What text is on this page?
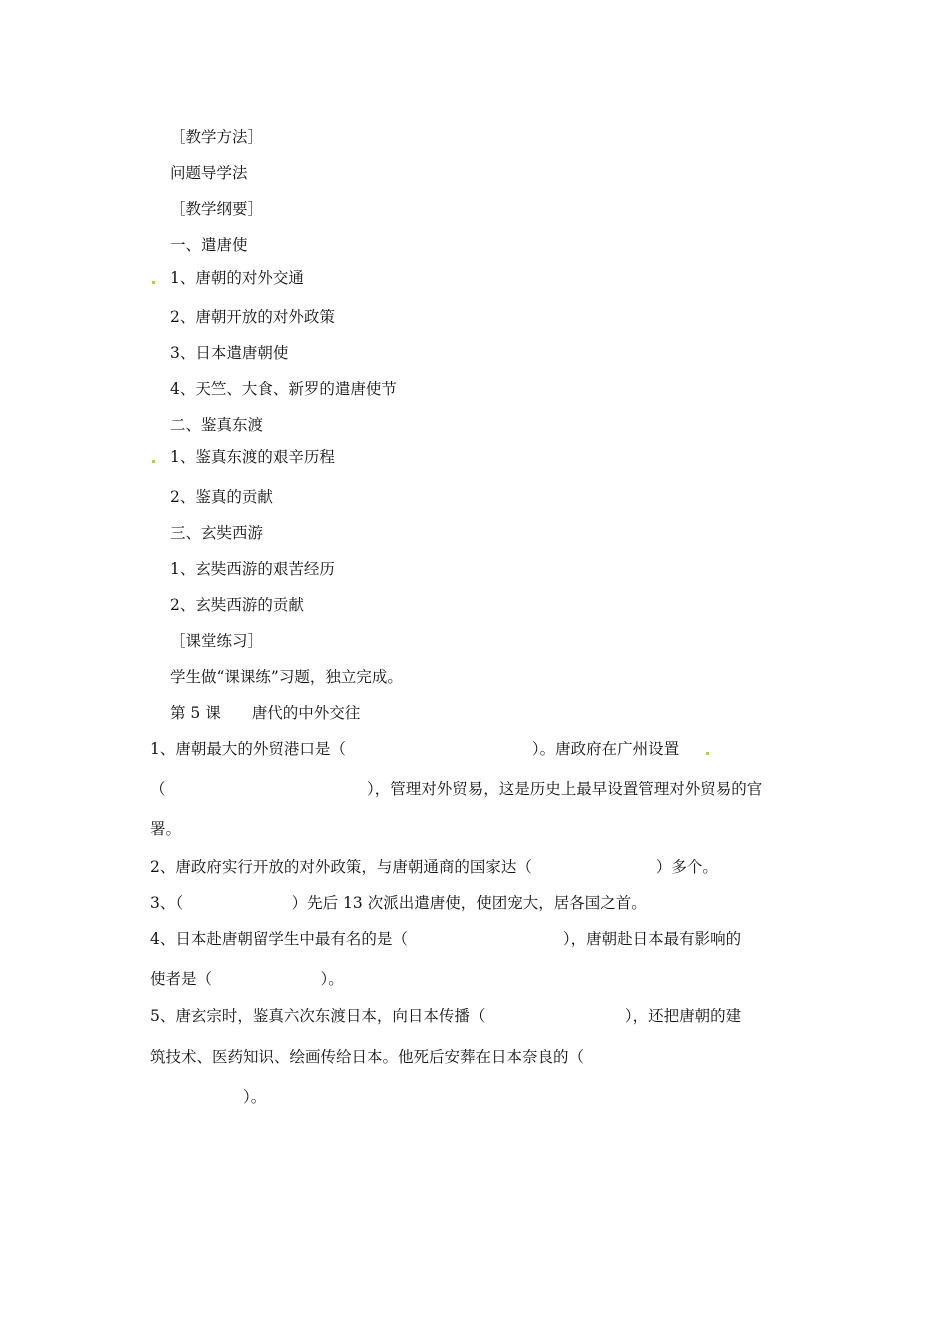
［教学方法］
问题导学法
［教学纲要］
一、遣唐使
1、唐朝的对外交通
2、唐朝开放的对外政策
3、日本遣唐朝使
4、天竺、大食、新罗的遣唐使节
二、鉴真东渡
1、鉴真东渡的艰辛历程
2、鉴真的贡献
三、玄奘西游
1、玄奘西游的艰苦经历
2、玄奘西游的贡献
［课堂练习］
学生做“课课练”习题，独立完成。
第 5 课　　唐代的中外交往
1、唐朝最大的外贸港口是（　　　　　　　　　　　　）。唐政府在广州设置
（　　　　　　　　　　　　　），管理对外贸易，这是历史上最早设置管理对外贸易的官
署。
2、唐政府实行开放的对外政策，与唐朝通商的国家达（　　　　　　　　）多个。
3、（　　　　　　　）先后 13 次派出遣唐使，使团宠大，居各国之首。
4、日本赴唐朝留学生中最有名的是（　　　　　　　　　　），唐朝赴日本最有影响的
使者是（　　　　　　　）。
5、唐玄宗时，鉴真六次东渡日本，向日本传播（　　　　　　　　　），还把唐朝的建
筑技术、医药知识、绘画传给日本。他死后安葬在日本奈良的（
　　　　　　）。
